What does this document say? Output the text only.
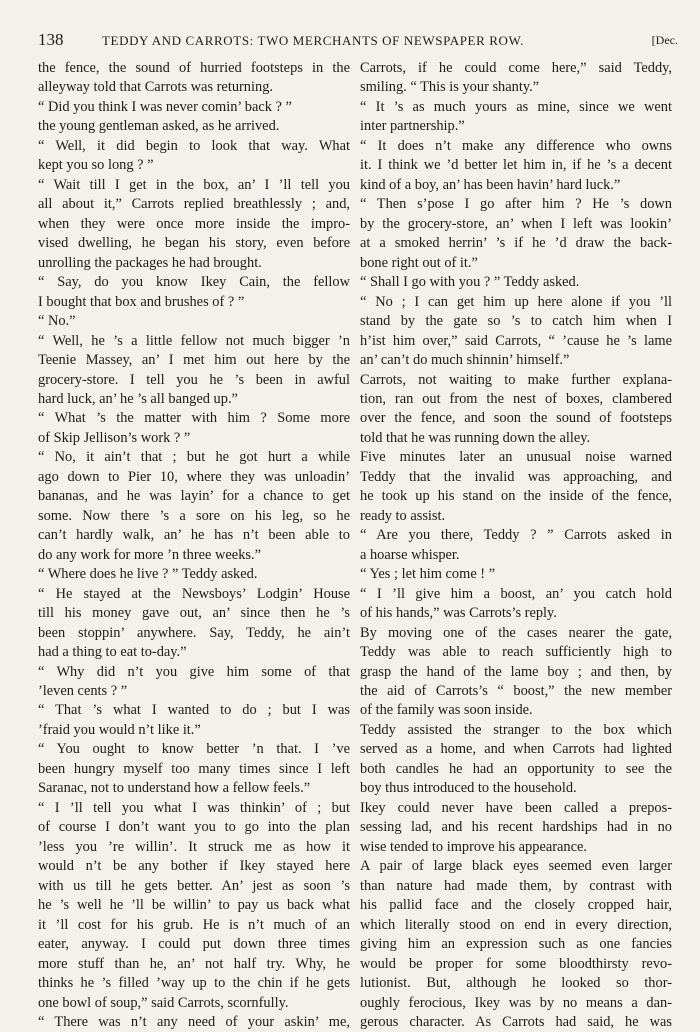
138	TEDDY AND CARROTS: TWO MERCHANTS OF NEWSPAPER ROW.	[Dec.
the fence, the sound of hurried footsteps in the
alleyway told that Carrots was returning.
“ Did you think I was never comin’ back ? ”
the young gentleman asked, as he arrived.
“ Well, it did begin to look that way. What
kept you so long ? ”
“ Wait till I get in the box, an’ I ’ll tell you
all about it,” Carrots replied breathlessly ; and,
when they were once more inside the impro-
vised dwelling, he began his story, even before
unrolling the packages he had brought.
“ Say, do you know Ikey Cain, the fellow
I bought that box and brushes of ? ”
“ No.”
“ Well, he ’s a little fellow not much bigger ’n
Teenie Massey, an’ I met him out here by the
grocery-store. I tell you he ’s been in awful
hard luck, an’ he ’s all banged up.”
“ What ’s the matter with him ? Some more
of Skip Jellison’s work ? ”
“ No, it ain’t that ; but he got hurt a while
ago down to Pier 10, where they was unloadin’
bananas, and he was layin’ for a chance to get
some. Now there ’s a sore on his leg, so he
can’t hardly walk, an’ he has n’t been able to
do any work for more ’n three weeks.”
“ Where does he live ? ” Teddy asked.
“ He stayed at the Newsboys’ Lodgin’ House
till his money gave out, an’ since then he ’s
been stoppin’ anywhere. Say, Teddy, he ain’t
had a thing to eat to-day.”
“ Why did n’t you give him some of that
’leven cents ? ”
“ That ’s what I wanted to do ; but I was
’fraid you would n’t like it.”
“ You ought to know better ’n that. I ’ve
been hungry myself too many times since I left
Saranac, not to understand how a fellow feels.”
“ I ’ll tell you what I was thinkin’ of ; but
of course I don’t want you to go into the plan
’less you ’re willin’. It struck me as how it
would n’t be any bother if Ikey stayed here
with us till he gets better. An’ jest as soon ’s
he ’s well he ’ll be willin’ to pay us back what
it ’ll cost for his grub. He is n’t much of an
eater, anyway. I could put down three times
more stuff than he, an’ not half try. Why, he
thinks he ’s filled ’way up to the chin if he gets
one bowl of soup,” said Carrots, scornfully.
“ There was n’t any need of your askin’ me,
Carrots, if he could come here,” said Teddy,
smiling. “ This is your shanty.”
“ It ’s as much yours as mine, since we went
inter partnership.”
“ It does n’t make any difference who owns
it. I think we ’d better let him in, if he ’s a decent
kind of a boy, an’ has been havin’ hard luck.”
“ Then s’pose I go after him ? He ’s down
by the grocery-store, an’ when I left was lookin’
at a smoked herrin’ ’s if he ’d draw the back-
bone right out of it.”
“ Shall I go with you ? ” Teddy asked.
“ No ; I can get him up here alone if you ’ll
stand by the gate so ’s to catch him when I
h’ist him over,” said Carrots, “ ’cause he ’s lame
an’ can’t do much shinnin’ himself.”
Carrots, not waiting to make further explana-
tion, ran out from the nest of boxes, clambered
over the fence, and soon the sound of footsteps
told that he was running down the alley.
Five minutes later an unusual noise warned
Teddy that the invalid was approaching, and
he took up his stand on the inside of the fence,
ready to assist.
“ Are you there, Teddy ? ” Carrots asked in
a hoarse whisper.
“ Yes ; let him come ! ”
“ I ’ll give him a boost, an’ you catch hold
of his hands,” was Carrots’s reply.
By moving one of the cases nearer the gate,
Teddy was able to reach sufficiently high to
grasp the hand of the lame boy ; and then, by
the aid of Carrots’s “ boost,” the new member
of the family was soon inside.
Teddy assisted the stranger to the box which
served as a home, and when Carrots had lighted
both candles he had an opportunity to see the
boy thus introduced to the household.
Ikey could never have been called a prepos-
sessing lad, and his recent hardships had in no
wise tended to improve his appearance.
A pair of large black eyes seemed even larger
than nature had made them, by contrast with
his pallid face and the closely cropped hair,
which literally stood on end in every direction,
giving him an expression such as one fancies
would be proper for some bloodthirsty revo-
lutionist. But, although he looked so thor-
oughly ferocious, Ikey was by no means a dan-
gerous character. As Carrots had said, he was
